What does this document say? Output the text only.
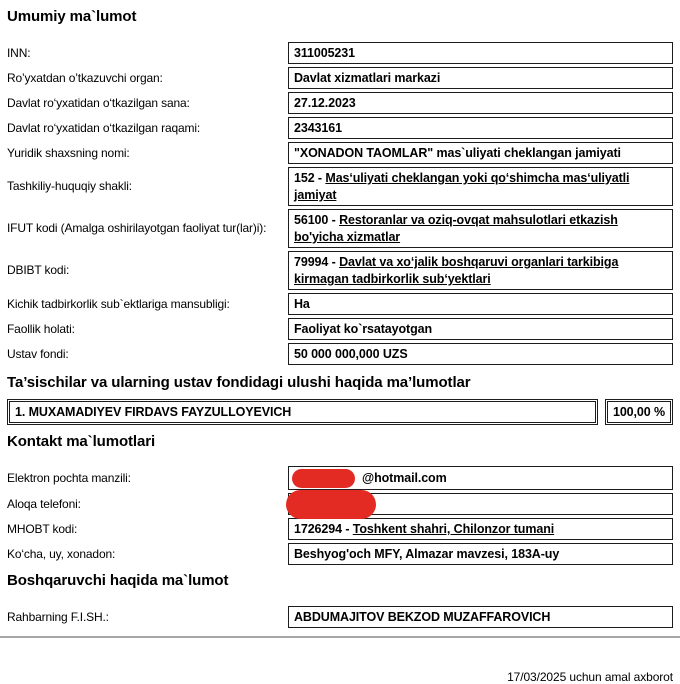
Umumiy ma`lumot
INN:	311005231
Ro’yxatdan o’tkazuvchi organ:	Davlat xizmatlari markazi
Davlat ro‘yxatidan o‘tkazilgan sana:	27.12.2023
Davlat ro‘yxatidan o‘tkazilgan raqami:	2343161
Yuridik shaxsning nomi:	"XONADON TAOMLAR" mas`uliyati cheklangan jamiyati
Tashkiliy-huquqiy shakli:
152 - Mas‘uliyati cheklangan yoki qo‘shimcha mas‘uliyatli jamiyat
IFUT kodi (Amalga oshirilayotgan faoliyat tur(lar)i):
56100 - Restoranlar va oziq-ovqat mahsulotlari etkazish bo'yicha xizmatlar
DBIBT kodi:
79994 - Davlat va xo‘jalik boshqaruvi organlari tarkibiga kirmagan tadbirkorlik sub‘yektlari
Kichik tadbirkorlik sub`ektlariga mansubligi:	Ha
Faollik holati:	Faoliyat ko`rsatayotgan
Ustav fondi:	50 000 000,000 UZS
Ta’sischilar va ularning ustav fondidagi ulushi haqida ma’lumotlar
1. MUXAMADIYEV FIRDAVS FAYZULLOYEVICH	100,00 %
Kontakt ma`lumotlari
Elektron pochta manzili:	@hotmail.com
Aloqa telefoni:
MHOBT kodi:	1726294 - Toshkent shahri, Chilonzor tumani
Ko‘cha, uy, xonadon:	Beshyog'och MFY, Almazar mavzesi, 183A-uy
Boshqaruvchi haqida ma`lumot
Rahbarning F.I.SH.:	ABDUMAJITOV BEKZOD MUZAFFAROVICH
17/03/2025 uchun amal axborot
